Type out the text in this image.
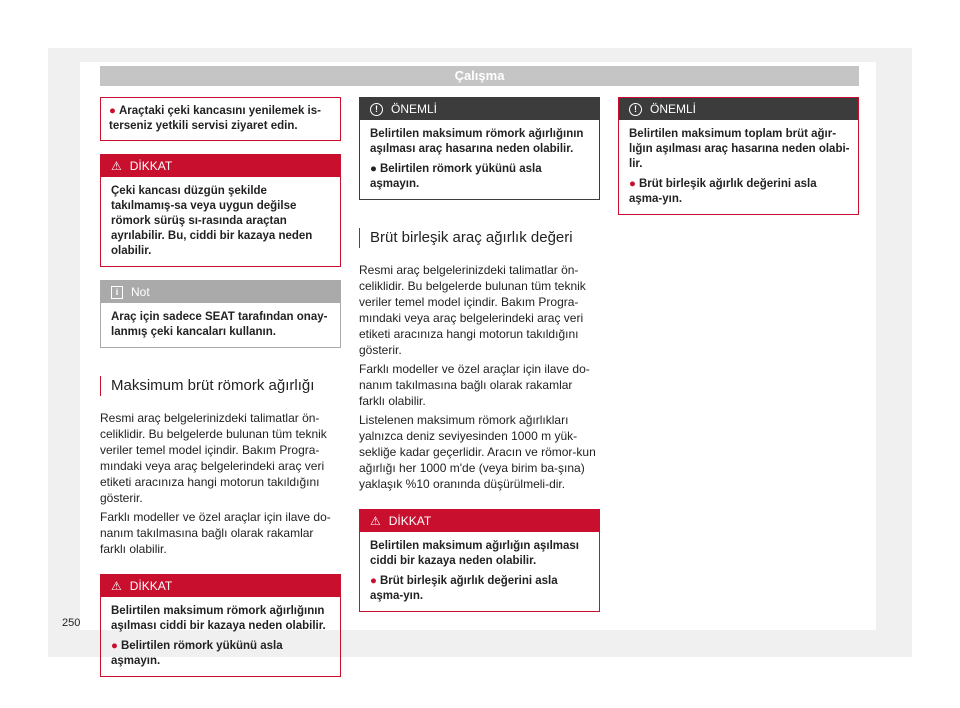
Çalışma
● Araçtaki çeki kancasını yenilemek is-terseniz yetkili servisi ziyaret edin.
⚠ DİKKAT

Çeki kancası düzgün şekilde takılmamış-sa veya uygun değilse römork sürüş sı-rasında araçtan ayrılabilir. Bu, ciddi bir kazaya neden olabilir.

i	Not

Araç için sadece SEAT tarafından onay-lanmış çeki kancaları kullanın.

Maksimum brüt römork ağırlığı

Resmi araç belgelerinizdeki talimatlar ön-celiklidir. Bu belgelerde bulunan tüm teknik veriler temel model içindir. Bakım Progra-mındaki veya araç belgelerindeki araç veri etiketi aracınıza hangi motorun takıldığını gösterir.

Farklı modeller ve özel araçlar için ilave do-nanım takılmasına bağlı olarak rakamlar farklı olabilir.

⚠ DİKKAT

Belirtilen maksimum römork ağırlığının aşılması ciddi bir kazaya neden olabilir.

● Belirtilen römork yükünü asla aşmayın.

!	ÖNEMLİ

Belirtilen maksimum römork ağırlığının aşılması araç hasarına neden olabilir.

● Belirtilen römork yükünü asla aşmayın.

Brüt birleşik araç ağırlık değeri

Resmi araç belgelerinizdeki talimatlar ön-celiklidir. Bu belgelerde bulunan tüm teknik veriler temel model içindir. Bakım Progra-mındaki veya araç belgelerindeki araç veri etiketi aracınıza hangi motorun takıldığını gösterir.

Farklı modeller ve özel araçlar için ilave do-nanım takılmasına bağlı olarak rakamlar farklı olabilir.

Listelenen maksimum römork ağırlıkları yalnızca deniz seviyesinden 1000 m yük-sekliğe kadar geçerlidir. Aracın ve römor-kun ağırlığı her 1000 m'de (veya birim ba-şına) yaklaşık %10 oranında düşürülmeli-dir.

⚠ DİKKAT

Belirtilen maksimum ağırlığın aşılması ciddi bir kazaya neden olabilir.

● Brüt birleşik ağırlık değerini asla aşma-yın.

!	ÖNEMLİ

Belirtilen maksimum toplam brüt ağır-lığın aşılması araç hasarına neden olabi-lir.

● Brüt birleşik ağırlık değerini asla aşma-yın.

250
